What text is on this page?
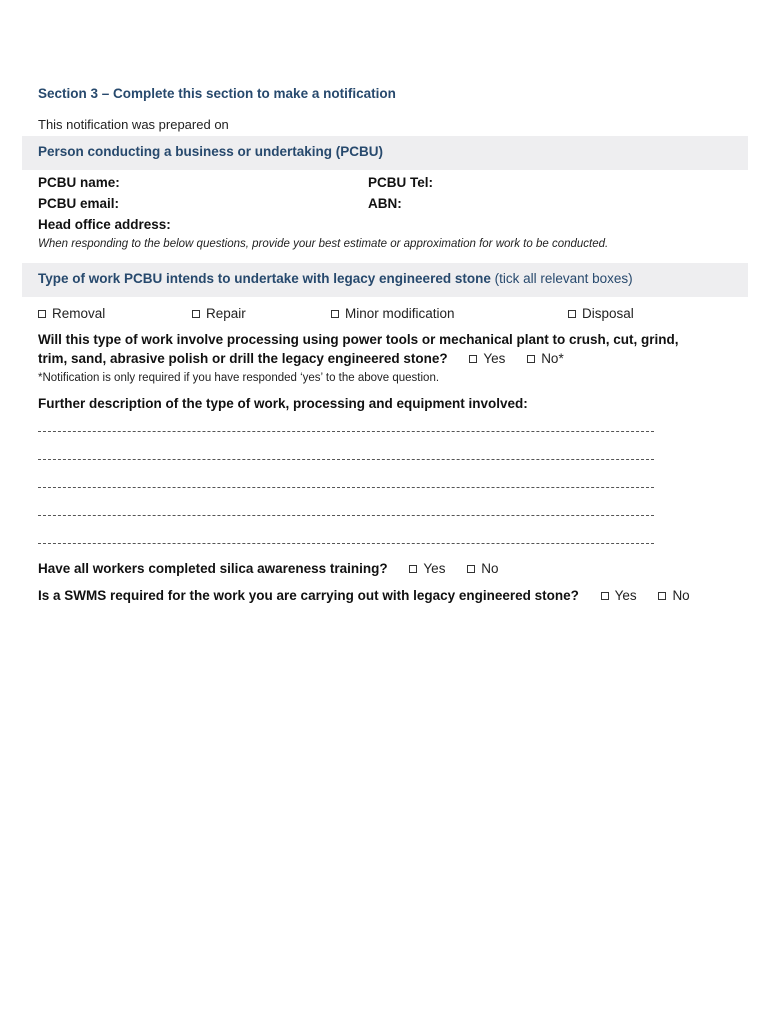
Section 3 – Complete this section to make a notification
This notification was prepared on
Person conducting a business or undertaking (PCBU)
PCBU name:	PCBU Tel:
PCBU email:	ABN:
Head office address:
When responding to the below questions, provide your best estimate or approximation for work to be conducted.
Type of work PCBU intends to undertake with legacy engineered stone (tick all relevant boxes)
Removal	Repair	Minor modification	Disposal
Will this type of work involve processing using power tools or mechanical plant to crush, cut, grind,
trim, sand, abrasive polish or drill the legacy engineered stone?	Yes	No*
*Notification is only required if you have responded ‘yes’ to the above question.
Further description of the type of work, processing and equipment involved:
Have all workers completed silica awareness training?	Yes	No
Is a SWMS required for the work you are carrying out with legacy engineered stone?	Yes	No
